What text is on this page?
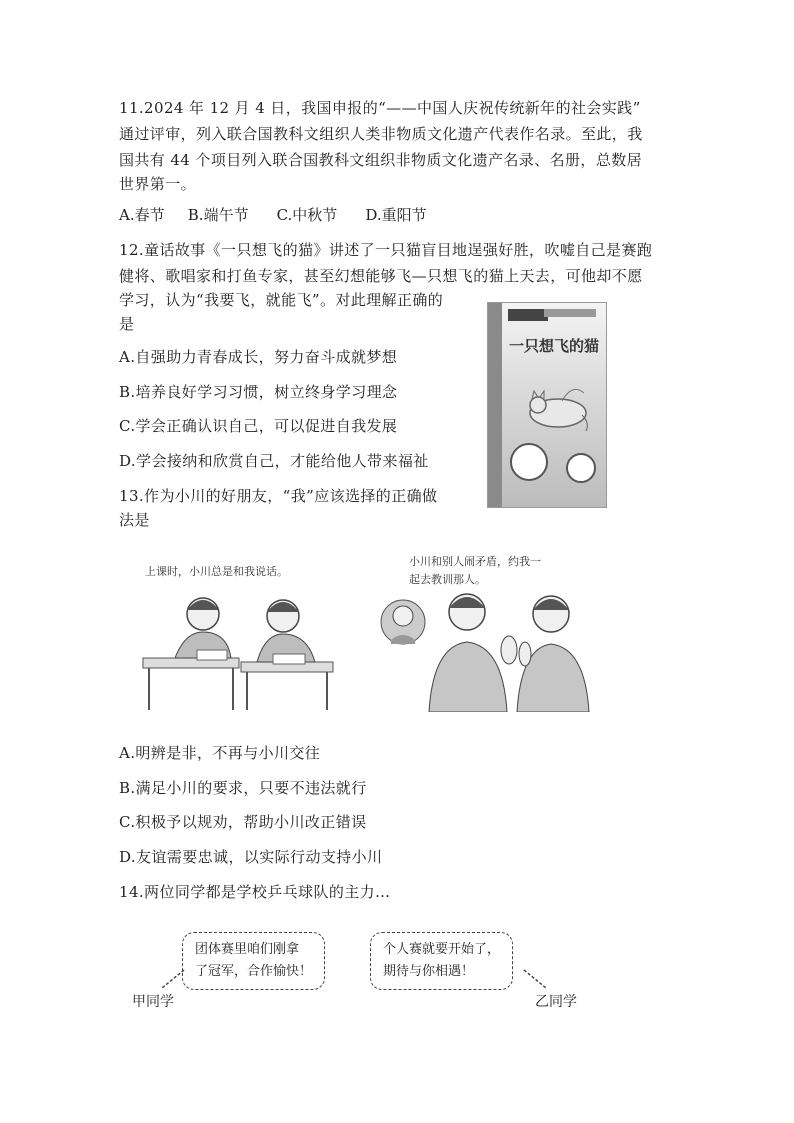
11.2024 年 12 月 4 日，我国申报的“——中国人庆祝传统新年的社会实践”
通过评审，列入联合国教科文组织人类非物质文化遗产代表作名录。至此，我
国共有 44 个项目列入联合国教科文组织非物质文化遗产名录、名册，总数居
世界第一。
A.春节 B.端午节 C.中秋节 D.重阳节
12.童话故事《一只想飞的猫》讲述了一只猫盲目地逞强好胜，吹嘘自己是赛跑
健将、歌唱家和打鱼专家，甚至幻想能够飞—只想飞的猫上天去，可他却不愿
学习，认为“我要飞，就能飞”。对此理解正确的
是
A.自强助力青春成长，努力奋斗成就梦想
B.培养良好学习习惯，树立终身学习理念
C.学会正确认识自己，可以促进自我发展
D.学会接纳和欣赏自己，才能给他人带来福祉
一只想飞的猫
13.作为小川的好朋友，“我”应该选择的正确做
法是
上课时，小川总是和我说话。
小川和别人闹矛盾，约我一
起去教训那人。
A.明辨是非，不再与小川交往
B.满足小川的要求，只要不违法就行
C.积极予以规劝，帮助小川改正错误
D.友谊需要忠诚，以实际行动支持小川
14.两位同学都是学校乒乓球队的主力…
团体赛里咱们刚拿
了冠军，合作愉快！
个人赛就要开始了，
期待与你相遇！
甲同学	乙同学
